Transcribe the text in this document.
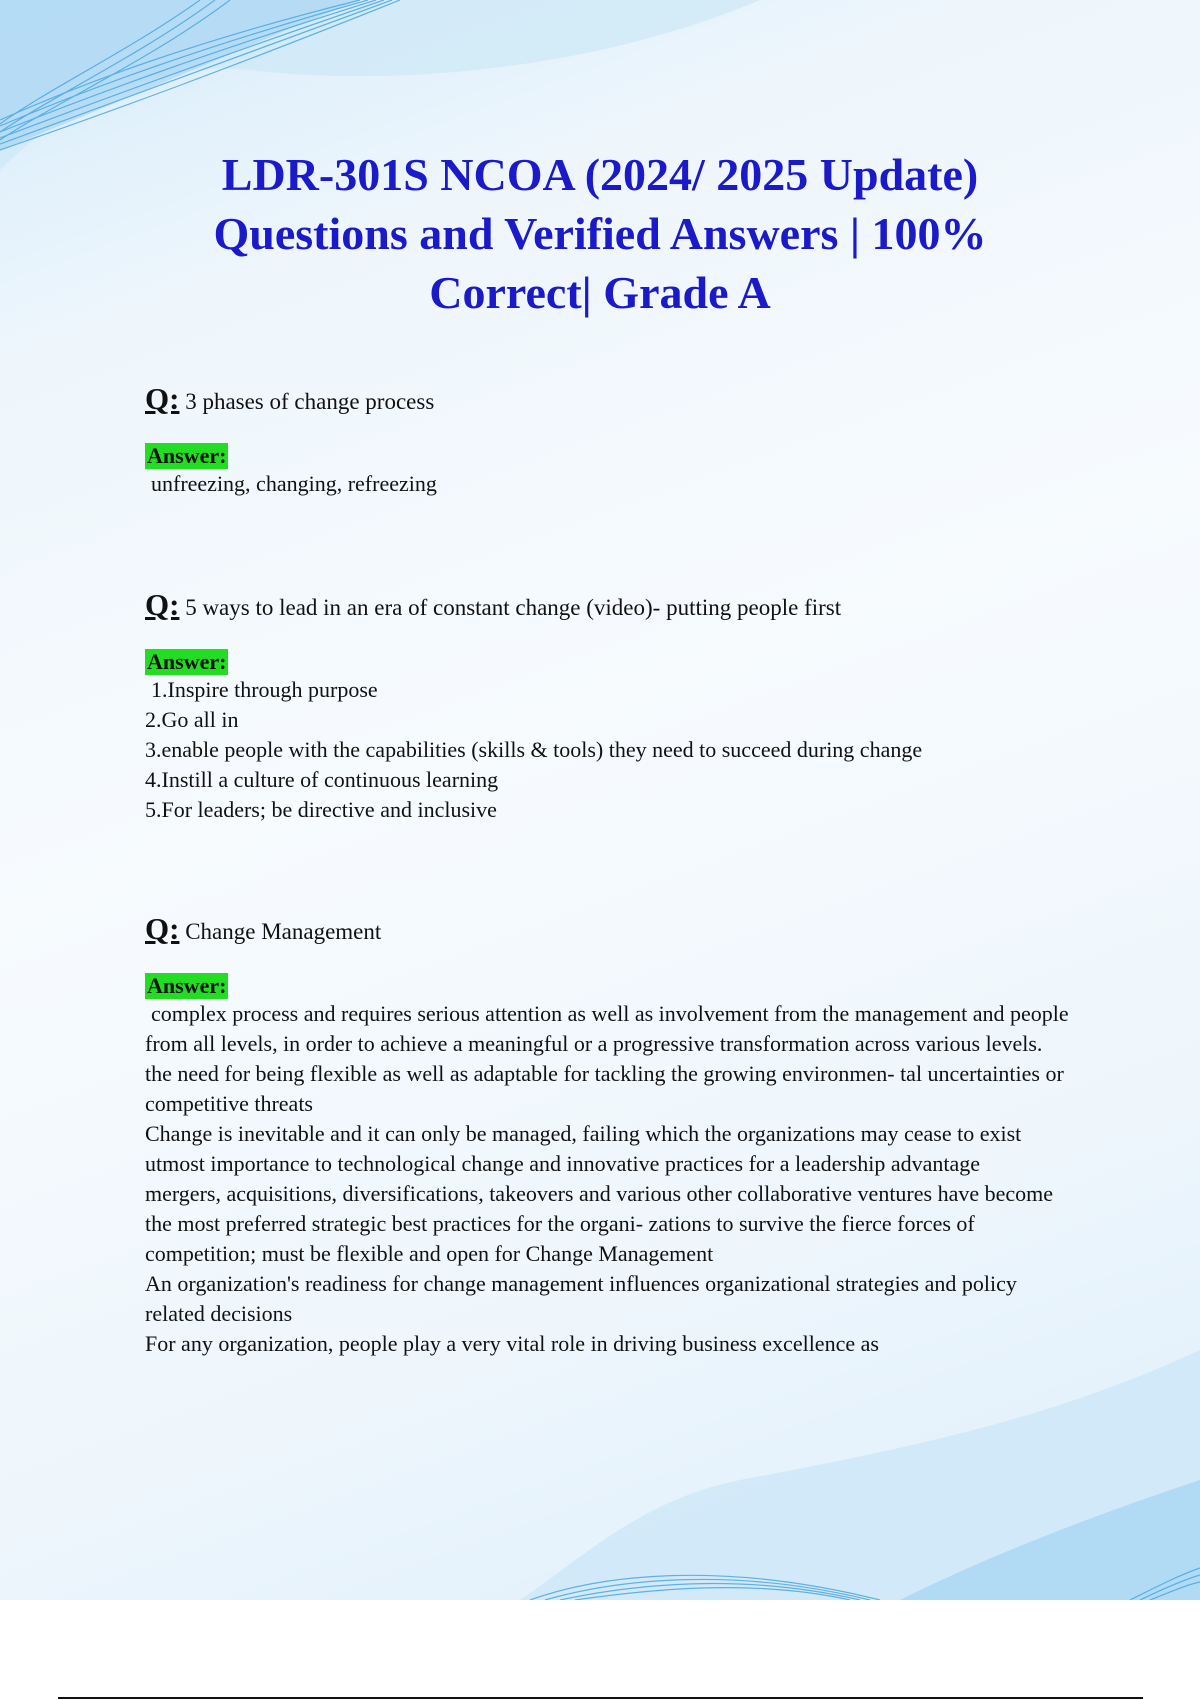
LDR-301S NCOA (2024/ 2025 Update)
Questions and Verified Answers | 100%
Correct| Grade A

Q: 3 phases of change process

Answer:

unfreezing, changing, refreezing

Q: 5 ways to lead in an era of constant change (video)- putting people first

Answer:

1.Inspire through purpose

2.Go all in

3.enable people with the capabilities (skills & tools) they need to succeed during change

4.Instill a culture of continuous learning

5.For leaders; be directive and inclusive

Q: Change Management

Answer:

complex process and requires serious attention as well as involvement from the management and people from all levels, in order to achieve a meaningful or a progressive transformation across various levels.

the need for being flexible as well as adaptable for tackling the growing environmen- tal uncertainties or competitive threats

Change is inevitable and it can only be managed, failing which the organizations may cease to exist

utmost importance to technological change and innovative practices for a leadership advantage

mergers, acquisitions, diversifications, takeovers and various other collaborative ventures have become the most preferred strategic best practices for the organi- zations to survive the fierce forces of competition; must be flexible and open for Change Management

An organization's readiness for change management influences organizational strategies and policy related decisions

For any organization, people play a very vital role in driving business excellence as
